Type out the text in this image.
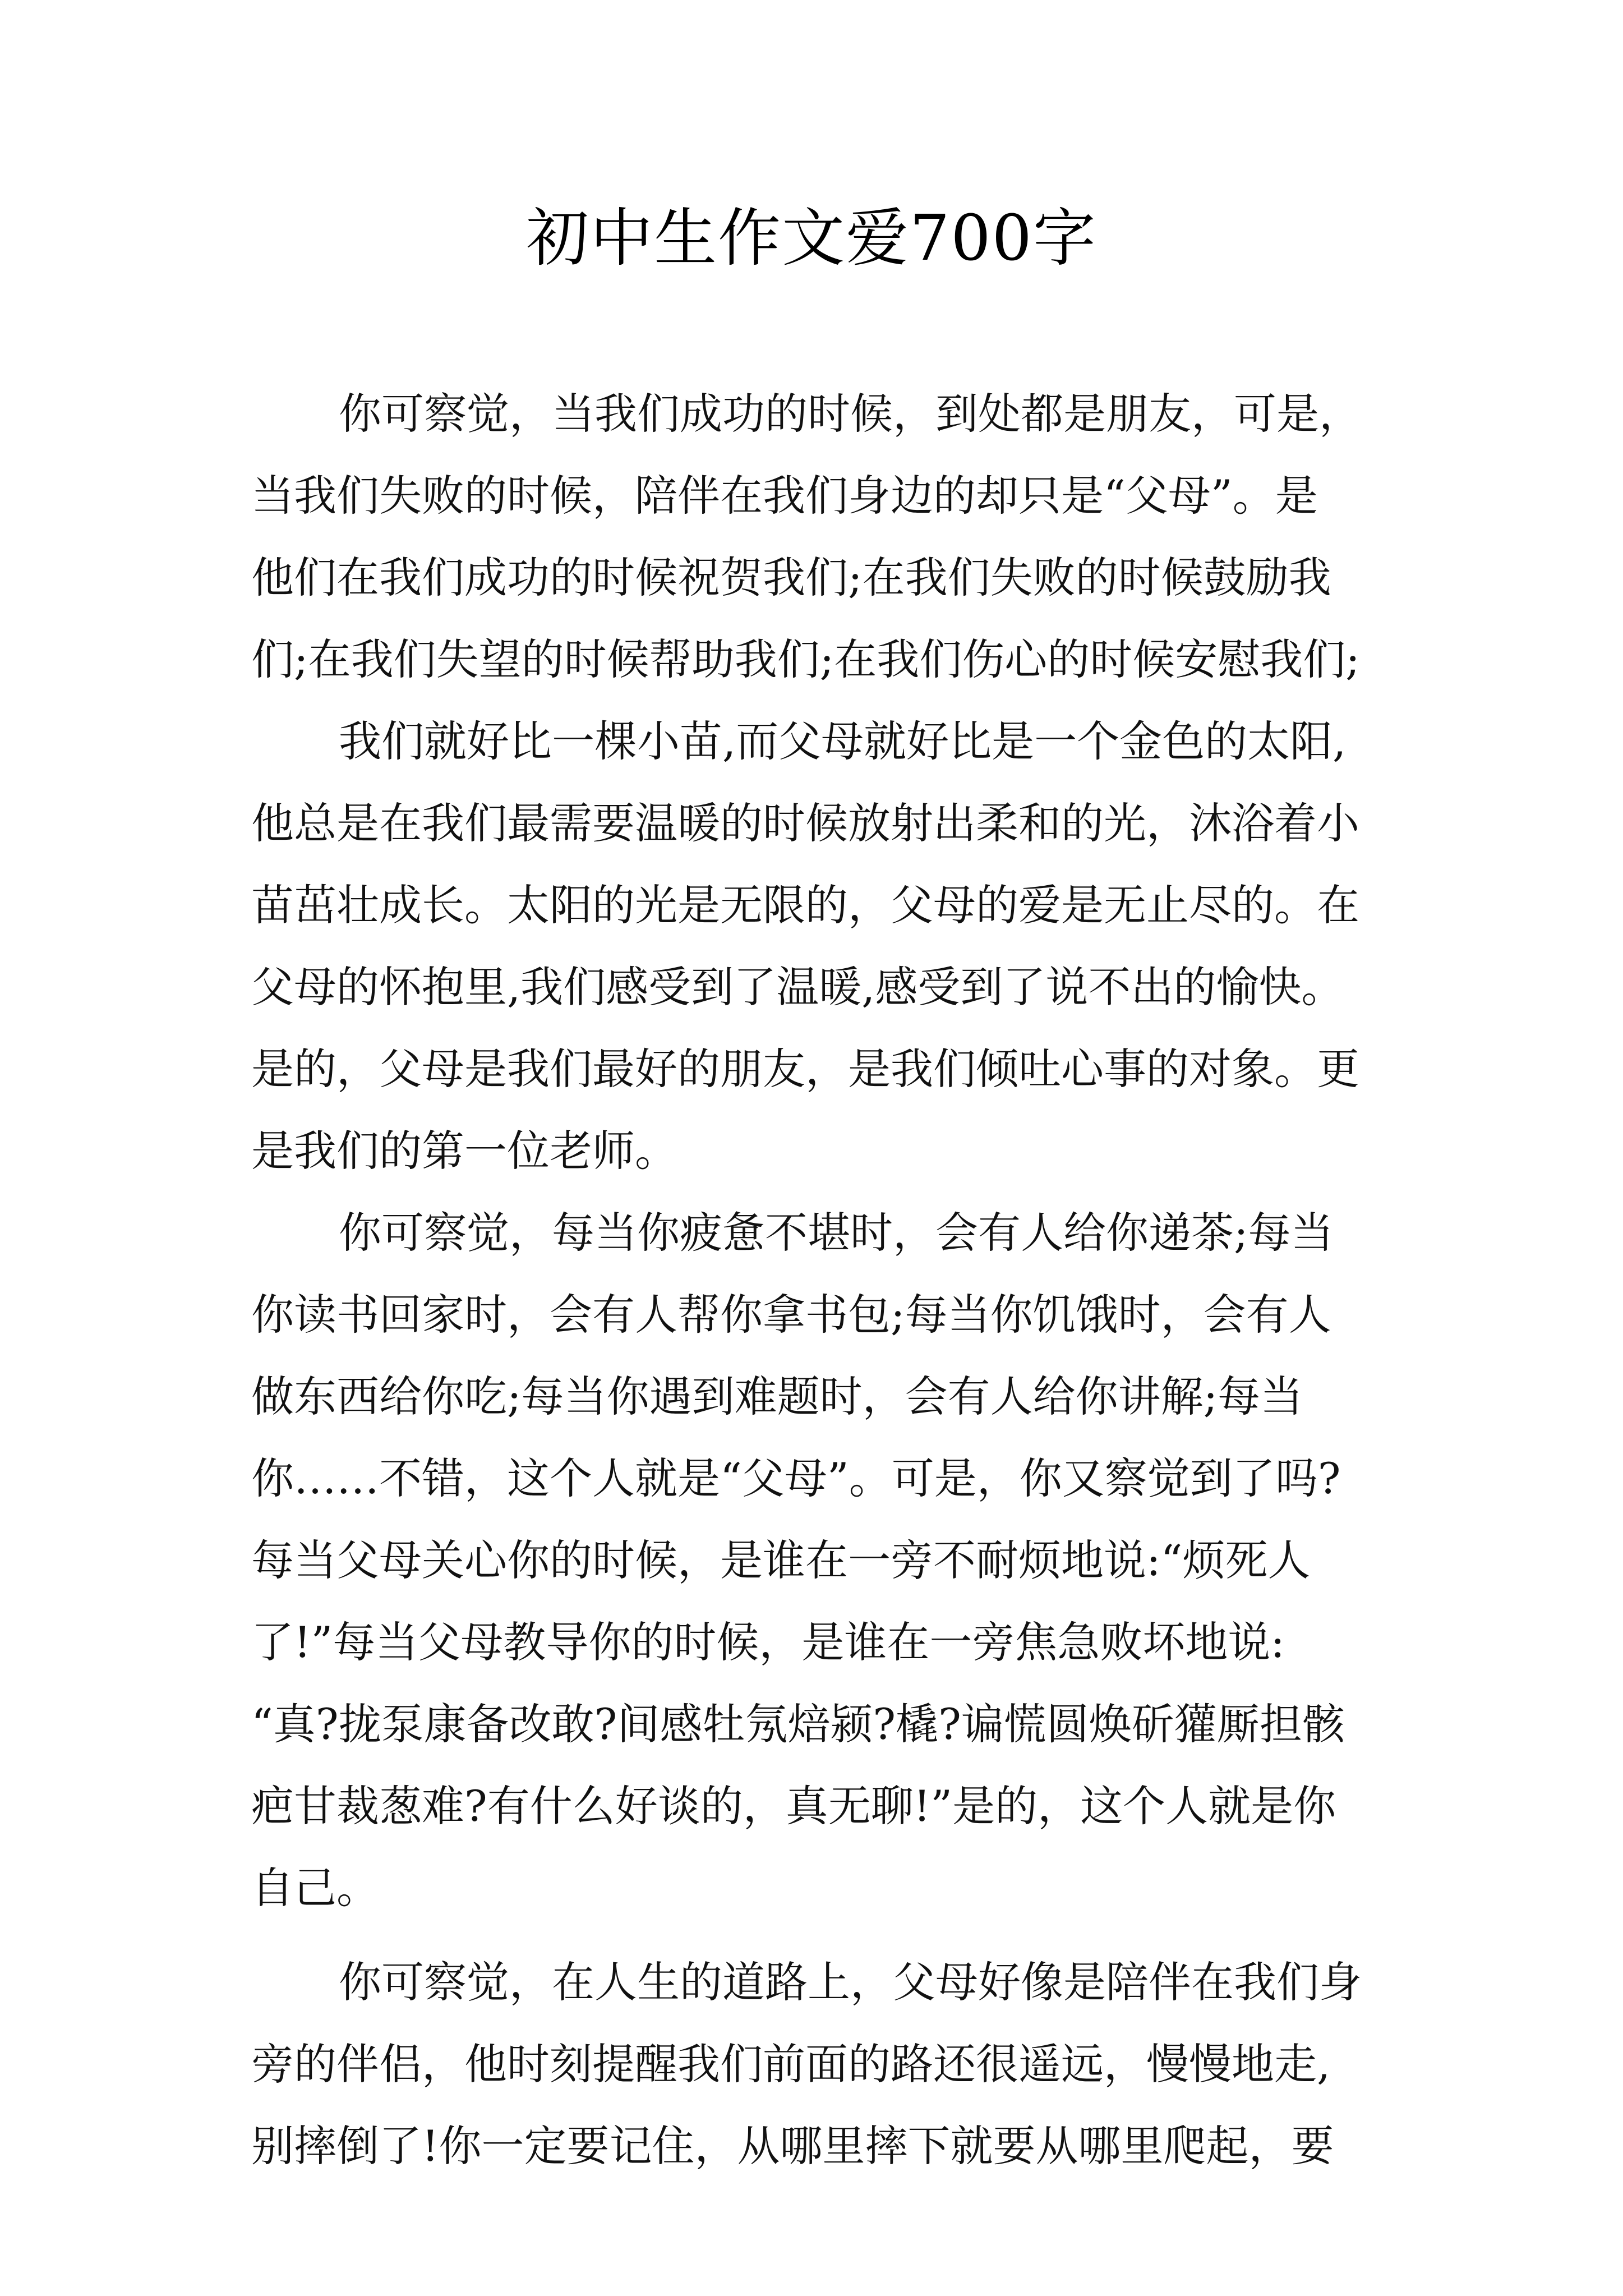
初中生作文爱700字
你可察觉，当我们成功的时候，到处都是朋友，可是，
当我们失败的时候，陪伴在我们身边的却只是“父母”。是
他们在我们成功的时候祝贺我们;在我们失败的时候鼓励我
们;在我们失望的时候帮助我们;在我们伤心的时候安慰我们;
我们就好比一棵小苗,而父母就好比是一个金色的太阳,
他总是在我们最需要温暖的时候放射出柔和的光，沐浴着小
苗茁壮成长。太阳的光是无限的，父母的爱是无止尽的。在
父母的怀抱里,我们感受到了温暖,感受到了说不出的愉快。
是的，父母是我们最好的朋友，是我们倾吐心事的对象。更
是我们的第一位老师。
你可察觉，每当你疲惫不堪时，会有人给你递茶;每当
你读书回家时，会有人帮你拿书包;每当你饥饿时，会有人
做东西给你吃;每当你遇到难题时，会有人给你讲解;每当
你……不错，这个人就是“父母”。可是，你又察觉到了吗?
每当父母关心你的时候，是谁在一旁不耐烦地说:“烦死人
了!”每当父母教导你的时候，是谁在一旁焦急败坏地说:
“真?拢泵康备改敢?间感牡氖焙颍?橇?谝慌圆焕斫獾厮担骸
疤甘裁葱难?有什么好谈的，真无聊!”是的，这个人就是你
自己。
你可察觉，在人生的道路上，父母好像是陪伴在我们身
旁的伴侣，他时刻提醒我们前面的路还很遥远，慢慢地走,
别摔倒了!你一定要记住，从哪里摔下就要从哪里爬起，要
